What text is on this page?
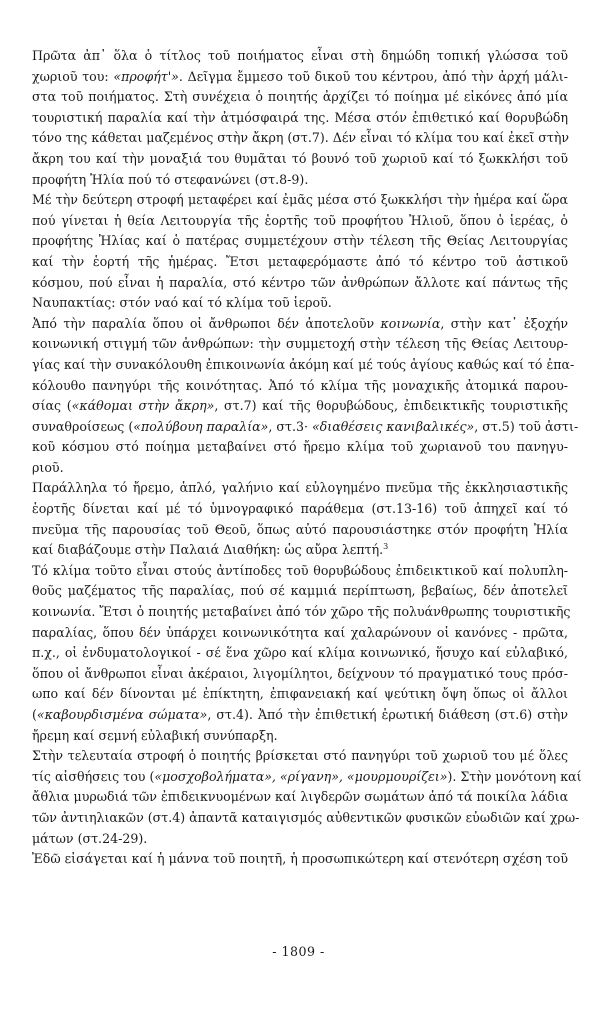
Πρῶτα ἀπ᾽ ὅλα ὁ τίτλος τοῦ ποιήματος εἶναι στὴ δημώδη τοπική γλώσσα τοῦ
χωριοῦ του: «προφήτ'». Δεῖγμα ἔμμεσο τοῦ δικοῦ του κέντρου, ἀπό τὴν ἀρχή μάλι-
στα τοῦ ποιήματος. Στὴ συνέχεια ὁ ποιητής ἀρχίζει τό ποίημα μέ εἰκόνες ἀπό μία
τουριστική παραλία καί τὴν ἀτμόσφαιρά της. Μέσα στόν ἐπιθετικό καί θορυβώδη
τόνο της κάθεται μαζεμένος στὴν ἄκρη (στ.7). Δέν εἶναι τό κλίμα του καί ἐκεῖ στὴν
ἄκρη του καί τὴν μοναξιά του θυμᾶται τό βουνό τοῦ χωριοῦ καί τό ξωκκλήσι τοῦ
προφήτη Ἠλία πού τό στεφανώνει (στ.8-9).
Μέ τὴν δεύτερη στροφή μεταφέρει καί ἐμᾶς μέσα στό ξωκκλήσι τὴν ἡμέρα καί ὥρα
πού γίνεται ἡ θεία Λειτουργία τῆς ἑορτῆς τοῦ προφήτου Ἠλιοῦ, ὅπου ὁ ἱερέας, ὁ
προφήτης Ἠλίας καί ὁ πατέρας συμμετέχουν στὴν τέλεση τῆς Θείας Λειτουργίας
καί τὴν ἑορτή τῆς ἡμέρας. Ἔτσι μεταφερόμαστε ἀπό τό κέντρο τοῦ ἀστικοῦ
κόσμου, πού εἶναι ἡ παραλία, στό κέντρο τῶν ἀνθρώπων ἄλλοτε καί πάντως τῆς
Ναυπακτίας: στόν ναό καί τό κλίμα τοῦ ἱεροῦ.
Ἀπό τὴν παραλία ὅπου οἱ ἄνθρωποι δέν ἀποτελοῦν κοινωνία, στὴν κατ᾽ ἐξοχήν
κοινωνική στιγμή τῶν ἀνθρώπων: τὴν συμμετοχή στὴν τέλεση τῆς Θείας Λειτουρ-
γίας καί τὴν συνακόλουθη ἐπικοινωνία ἀκόμη καί μέ τούς ἁγίους καθώς καί τό ἐπα-
κόλουθο πανηγύρι τῆς κοινότητας. Ἀπό τό κλίμα τῆς μοναχικῆς ἀτομικά παρου-
σίας («κάθομαι στὴν ἄκρη», στ.7) καί τῆς θορυβώδους, ἐπιδεικτικῆς τουριστικῆς
συναθροίσεως («πολύβουη παραλία», στ.3· «διαθέσεις κανιβαλικές», στ.5) τοῦ ἀστι-
κοῦ κόσμου στό ποίημα μεταβαίνει στό ἤρεμο κλίμα τοῦ χωριανοῦ του πανηγυ-
ριοῦ.
Παράλληλα τό ἤρεμο, ἁπλό, γαλήνιο καί εὐλογημένο πνεῦμα τῆς ἐκκλησιαστικῆς
ἑορτῆς δίνεται καί μέ τό ὑμνογραφικό παράθεμα (στ.13-16) τοῦ ἀπηχεῖ καί τό
πνεῦμα τῆς παρουσίας τοῦ Θεοῦ, ὅπως αὐτό παρουσιάστηκε στόν προφήτη Ἠλία
καί διαβάζουμε στὴν Παλαιά Διαθήκη: ὡς αὔρα λεπτή.$^3$
Τό κλίμα τοῦτο εἶναι στούς ἀντίποδες τοῦ θορυβώδους ἐπιδεικτικοῦ καί πολυπλη-
θοῦς μαζέματος τῆς παραλίας, πού σέ καμμιά περίπτωση, βεβαίως, δέν ἀποτελεῖ
κοινωνία. Ἔτσι ὁ ποιητής μεταβαίνει ἀπό τόν χῶρο τῆς πολυάνθρωπης τουριστικῆς
παραλίας, ὅπου δέν ὑπάρχει κοινωνικότητα καί χαλαρώνουν οἱ κανόνες - πρῶτα,
π.χ., οἱ ἐνδυματολογικοί - σέ ἕνα χῶρο καί κλίμα κοινωνικό, ἥσυχο καί εὐλαβικό,
ὅπου οἱ ἄνθρωποι εἶναι ἀκέραιοι, λιγομίλητοι, δείχνουν τό πραγματικό τους πρόσ-
ωπο καί δέν δίνονται μέ ἐπίκτητη, ἐπιφανειακή καί ψεύτικη ὄψη ὅπως οἱ ἄλλοι
(«καβουρδισμένα σώματα», στ.4). Ἀπό τὴν ἐπιθετική ἐρωτική διάθεση (στ.6) στὴν
ἤρεμη καί σεμνή εὐλαβική συνύπαρξη.
Στὴν τελευταία στροφή ὁ ποιητής βρίσκεται στό πανηγύρι τοῦ χωριοῦ του μέ ὅλες
τίς αἰσθήσεις του («μοσχοβολήματα», «ρίγανη», «μουρμουρίζει»). Στὴν μονότονη καί
ἄθλια μυρωδιά τῶν ἐπιδεικνυομένων καί λιγδερῶν σωμάτων ἀπό τά ποικίλα λάδια
τῶν ἀντιηλιακῶν (στ.4) ἀπαντᾶ καταιγισμός αὐθεντικῶν φυσικῶν εὐωδιῶν καί χρω-
μάτων (στ.24-29).
Ἐδῶ εἰσάγεται καί ἡ μάννα τοῦ ποιητῆ, ἡ προσωπικώτερη καί στενότερη σχέση τοῦ
- 1809 -
